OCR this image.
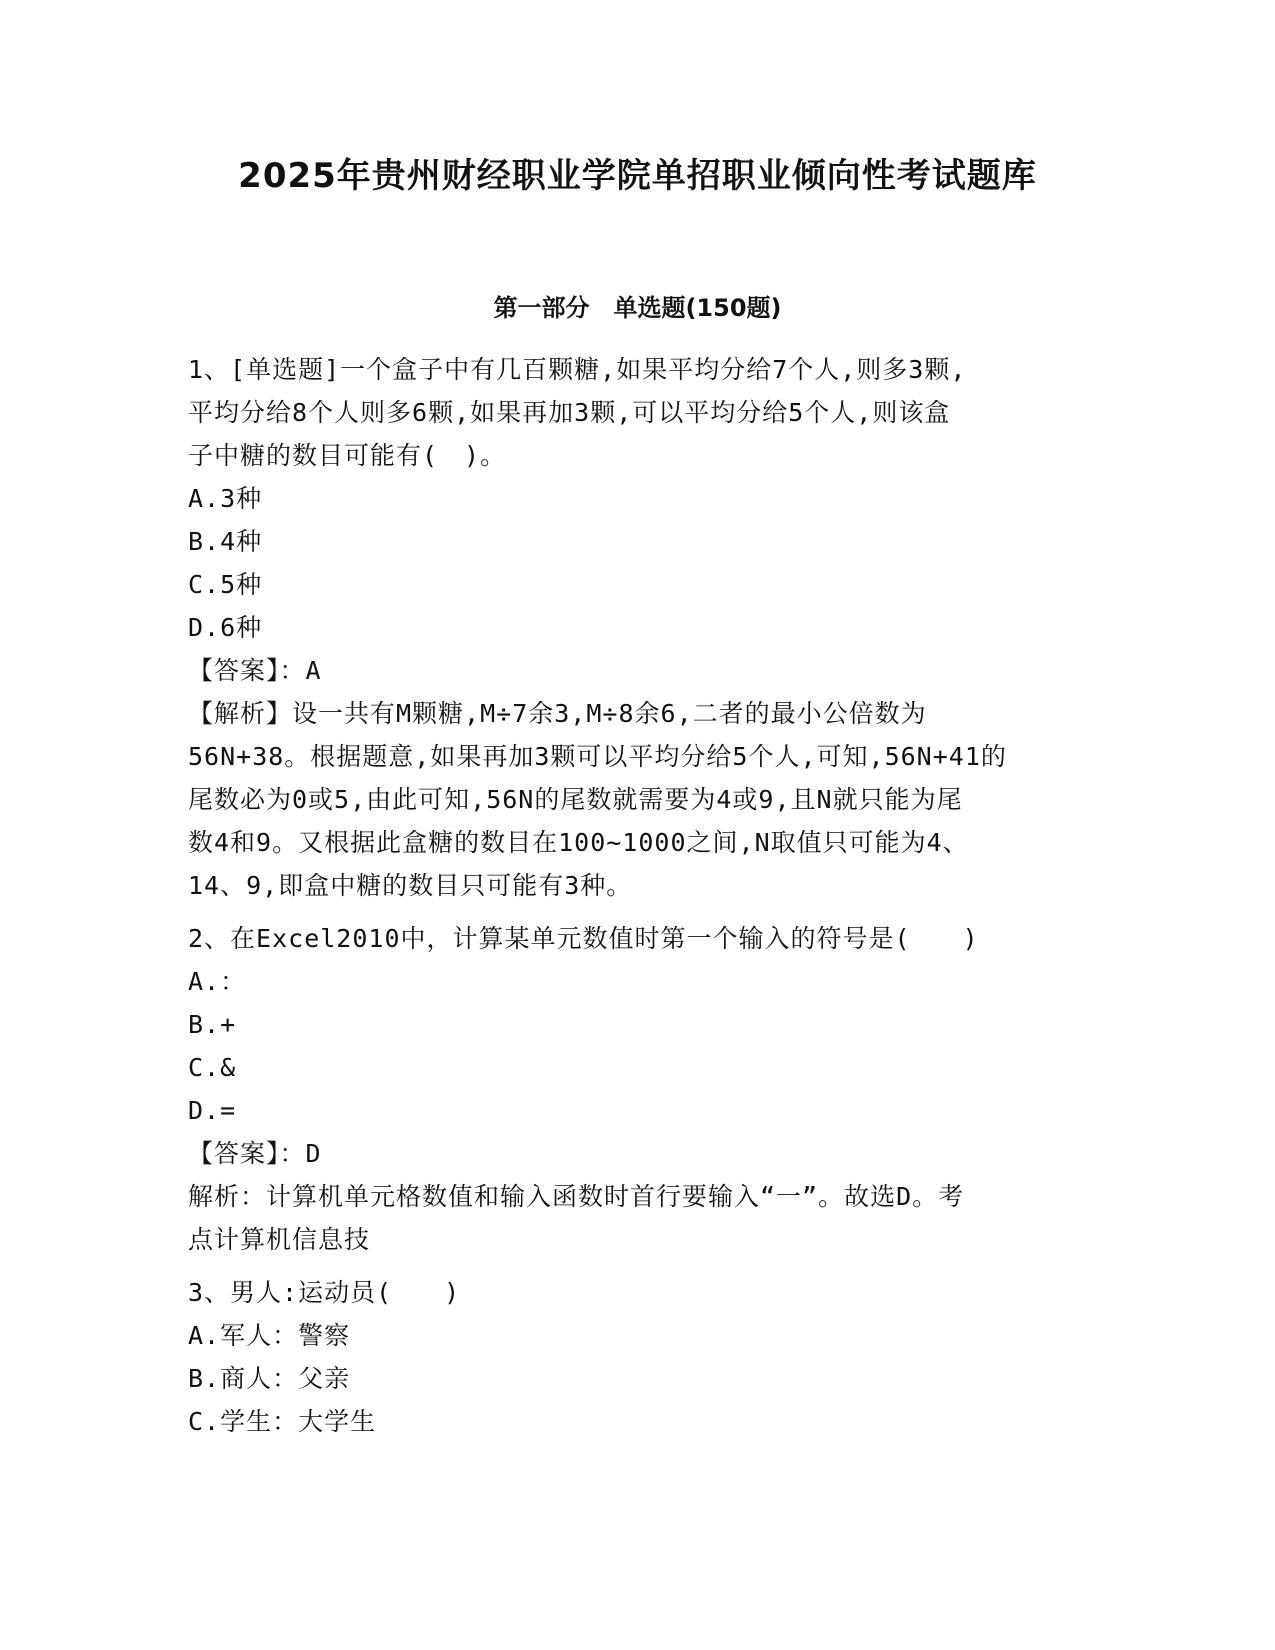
2025年贵州财经职业学院单招职业倾向性考试题库
第一部分　单选题(150题)
1、[单选题]一个盒子中有几百颗糖,如果平均分给7个人,则多3颗,
平均分给8个人则多6颗,如果再加3颗,可以平均分给5个人,则该盒
子中糖的数目可能有(　)。
A.3种
B.4种
C.5种
D.6种
【答案】：A
【解析】设一共有M颗糖,M÷7余3,M÷8余6,二者的最小公倍数为
56N+38。根据题意,如果再加3颗可以平均分给5个人,可知,56N+41的
尾数必为0或5,由此可知,56N的尾数就需要为4或9,且N就只能为尾
数4和9。又根据此盒糖的数目在100~1000之间,N取值只可能为4、
14、9,即盒中糖的数目只可能有3种。
2、在Excel2010中，计算某单元数值时第一个输入的符号是(　　)
A.：
B.+
C.&
D.=
【答案】：D
解析：计算机单元格数值和输入函数时首行要输入“一”。故选D。考
点计算机信息技
3、男人:运动员(　　)
A.军人：警察
B.商人：父亲
C.学生：大学生
